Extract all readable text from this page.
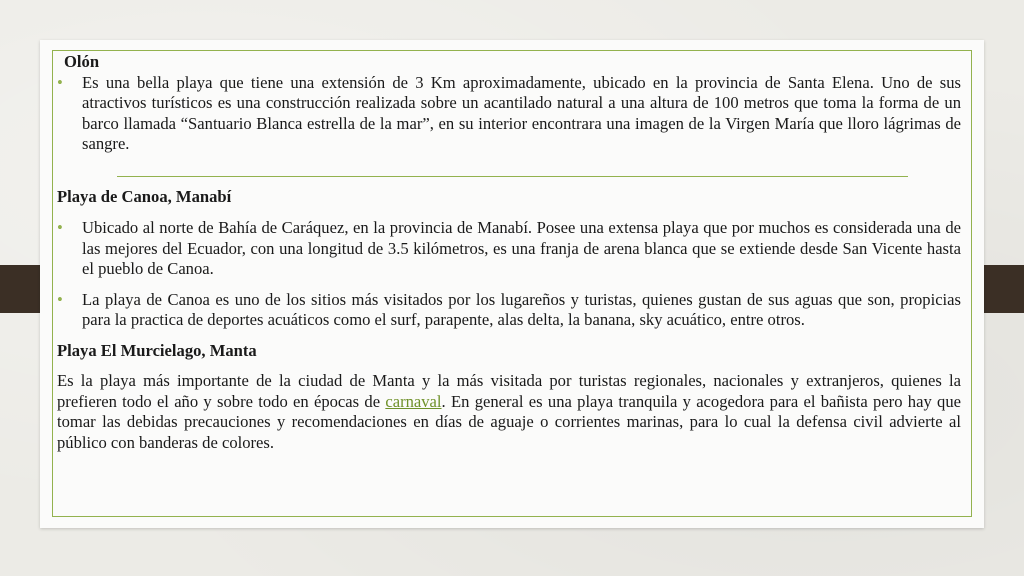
Olón

• Es una bella playa que tiene una extensión de 3 Km aproximadamente, ubicado en la provincia de Santa Elena. Uno de sus atractivos turísticos es una construcción realizada sobre un acantilado natural a una altura de 100 metros que toma la forma de un barco llamada “Santuario Blanca estrella de la mar”, en su interior encontrara una imagen de la Virgen María que lloro lágrimas de sangre.

Playa de Canoa, Manabí

• Ubicado al norte de Bahía de Caráquez, en la provincia de Manabí. Posee una extensa playa que por muchos es considerada una de las mejores del Ecuador, con una longitud de 3.5 kilómetros, es una franja de arena blanca que se extiende desde San Vicente hasta el pueblo de Canoa.

• La playa de Canoa es uno de los sitios más visitados por los lugareños y turistas, quienes gustan de sus aguas que son, propicias para la practica de deportes acuáticos como el surf, parapente, alas delta, la banana, sky acuático, entre otros.

Playa El Murcielago, Manta

Es la playa más importante de la ciudad de Manta y la más visitada por turistas regionales, nacionales y extranjeros, quienes la prefieren todo el año y sobre todo en épocas de carnaval. En general es una playa tranquila y acogedora para el bañista pero hay que tomar las debidas precauciones y recomendaciones en días de aguaje o corrientes marinas, para lo cual la defensa civil advierte al público con banderas de colores.
